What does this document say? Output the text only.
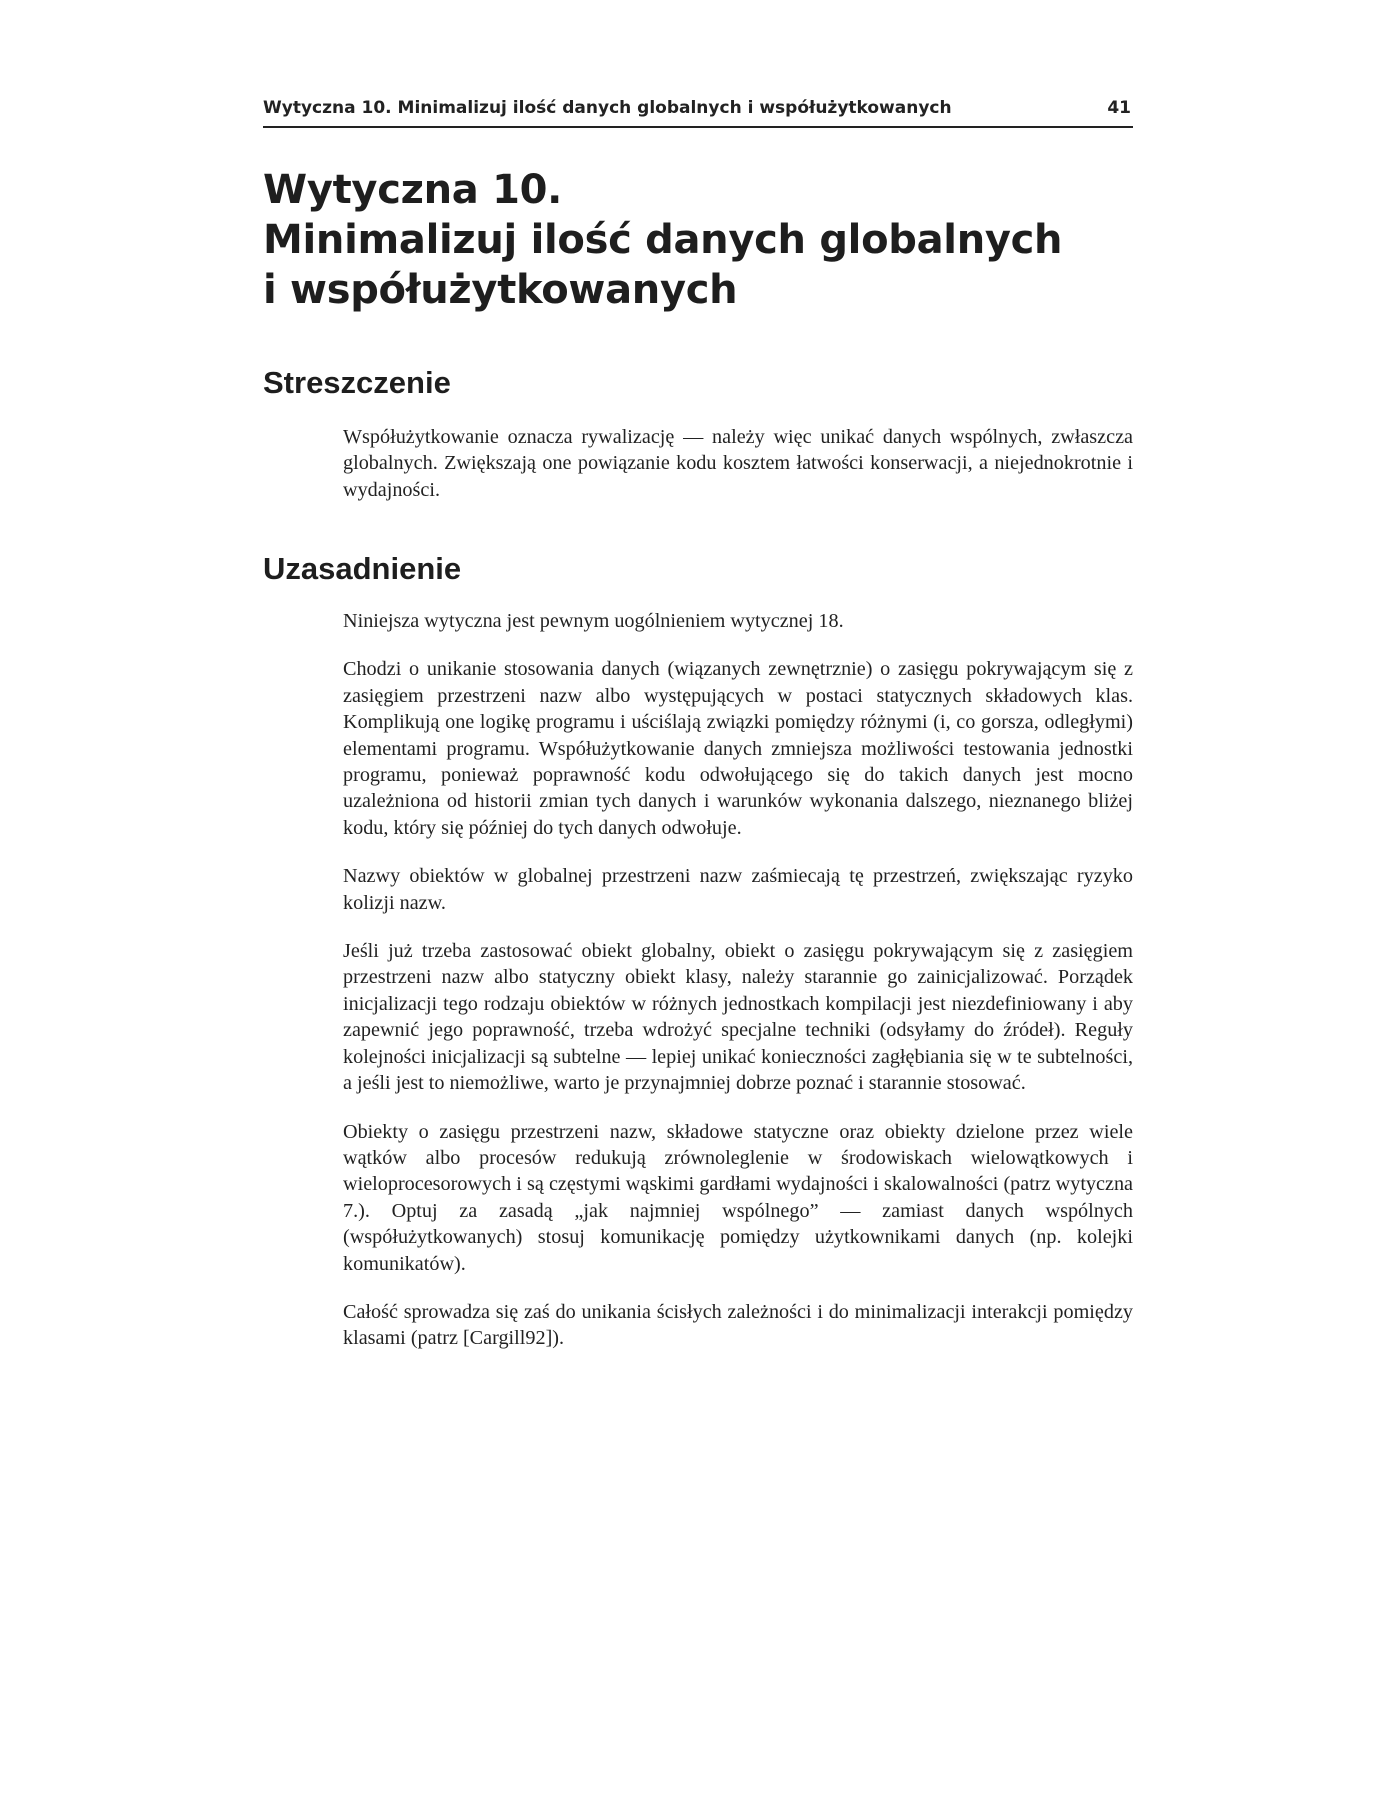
Wytyczna 10. Minimalizuj ilość danych globalnych i współużytkowanych	41
Wytyczna 10.
Minimalizuj ilość danych globalnych
i współużytkowanych
Streszczenie

Współużytkowanie oznacza rywalizację — należy więc unikać danych wspólnych, zwłaszcza globalnych. Zwiększają one powiązanie kodu kosztem łatwości konserwacji, a niejednokrotnie i wydajności.

Uzasadnienie

Niniejsza wytyczna jest pewnym uogólnieniem wytycznej 18.

Chodzi o unikanie stosowania danych (wiązanych zewnętrznie) o zasięgu pokrywającym się z zasięgiem przestrzeni nazw albo występujących w postaci statycznych składowych klas. Komplikują one logikę programu i uściślają związki pomiędzy różnymi (i, co gorsza, odległymi) elementami programu. Współużytkowanie danych zmniejsza możliwości testowania jednostki programu, ponieważ poprawność kodu odwołującego się do takich danych jest mocno uzależniona od historii zmian tych danych i warunków wykonania dalszego, nieznanego bliżej kodu, który się później do tych danych odwołuje.

Nazwy obiektów w globalnej przestrzeni nazw zaśmiecają tę przestrzeń, zwiększając ryzyko kolizji nazw.

Jeśli już trzeba zastosować obiekt globalny, obiekt o zasięgu pokrywającym się z zasięgiem przestrzeni nazw albo statyczny obiekt klasy, należy starannie go zainicjalizować. Porządek inicjalizacji tego rodzaju obiektów w różnych jednostkach kompilacji jest niezdefiniowany i aby zapewnić jego poprawność, trzeba wdrożyć specjalne techniki (odsyłamy do źródeł). Reguły kolejności inicjalizacji są subtelne — lepiej unikać konieczności zagłębiania się w te subtelności, a jeśli jest to niemożliwe, warto je przynajmniej dobrze poznać i starannie stosować.

Obiekty o zasięgu przestrzeni nazw, składowe statyczne oraz obiekty dzielone przez wiele wątków albo procesów redukują zrównoleglenie w środowiskach wielowątkowych i wieloprocesorowych i są częstymi wąskimi gardłami wydajności i skalowalności (patrz wytyczna 7.). Optuj za zasadą „jak najmniej wspólnego” — zamiast danych wspólnych (współużytkowanych) stosuj komunikację pomiędzy użytkownikami danych (np. kolejki komunikatów).

Całość sprowadza się zaś do unikania ścisłych zależności i do minimalizacji interakcji pomiędzy klasami (patrz [Cargill92]).
